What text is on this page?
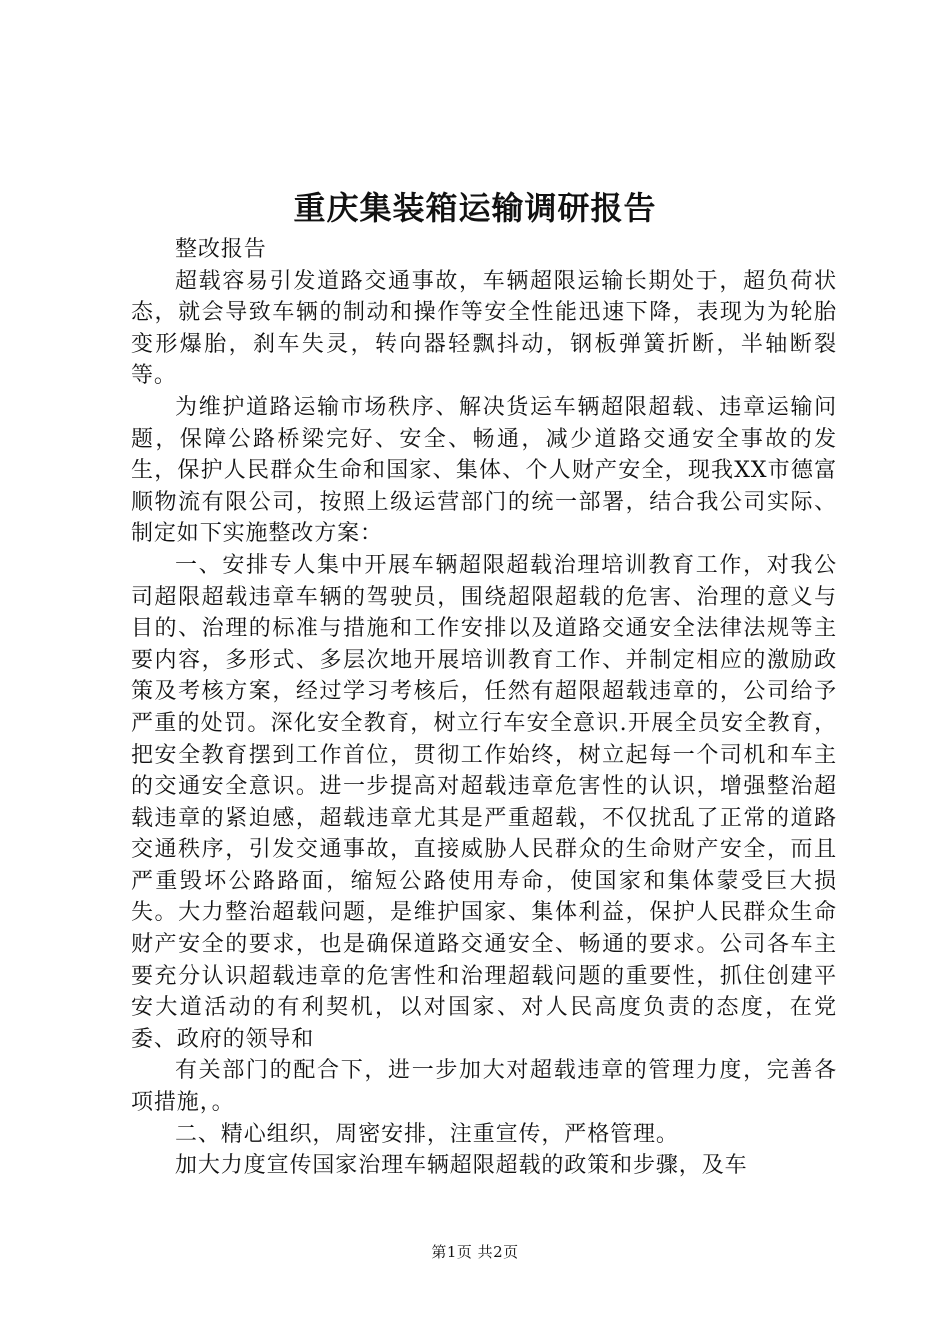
重庆集装箱运输调研报告

整改报告

超载容易引发道路交通事故，车辆超限运输长期处于，超负荷状态，就会导致车辆的制动和操作等安全性能迅速下降，表现为为轮胎变形爆胎，刹车失灵，转向器轻飘抖动，钢板弹簧折断，半轴断裂等。

为维护道路运输市场秩序、解决货运车辆超限超载、违章运输问题，保障公路桥梁完好、安全、畅通，减少道路交通安全事故的发生，保护人民群众生命和国家、集体、个人财产安全，现我XX市德富顺物流有限公司，按照上级运营部门的统一部署，结合我公司实际、制定如下实施整改方案：

一、安排专人集中开展车辆超限超载治理培训教育工作，对我公司超限超载违章车辆的驾驶员，围绕超限超载的危害、治理的意义与目的、治理的标准与措施和工作安排以及道路交通安全法律法规等主要内容，多形式、多层次地开展培训教育工作、并制定相应的激励政策及考核方案，经过学习考核后，任然有超限超载违章的，公司给予严重的处罚。深化安全教育，树立行车安全意识.开展全员安全教育，把安全教育摆到工作首位，贯彻工作始终，树立起每一个司机和车主的交通安全意识。进一步提高对超载违章危害性的认识，增强整治超载违章的紧迫感，超载违章尤其是严重超载，不仅扰乱了正常的道路交通秩序，引发交通事故，直接威胁人民群众的生命财产安全，而且严重毁坏公路路面，缩短公路使用寿命，使国家和集体蒙受巨大损失。大力整治超载问题，是维护国家、集体利益，保护人民群众生命财产安全的要求，也是确保道路交通安全、畅通的要求。公司各车主要充分认识超载违章的危害性和治理超载问题的重要性，抓住创建平安大道活动的有利契机，以对国家、对人民高度负责的态度，在党委、政府的领导和

有关部门的配合下，进一步加大对超载违章的管理力度，完善各项措施，。

二、精心组织，周密安排，注重宣传，严格管理。

加大力度宣传国家治理车辆超限超载的政策和步骤，及车

第1页 共2页
